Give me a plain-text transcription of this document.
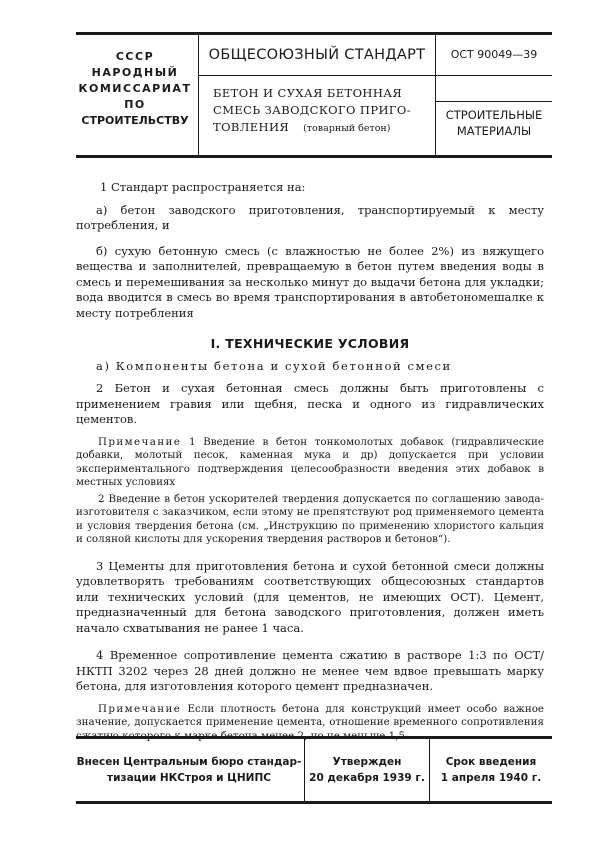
СССР
НАРОДНЫЙ
КОМИССАРИАТ
ПО
СТРОИТЕЛЬСТВУ
ОБЩЕСОЮЗНЫЙ СТАНДАРТ
БЕТОН И СУХАЯ БЕТОННАЯ
СМЕСЬ ЗАВОДСКОГО ПРИГО-
ТОВЛЕНИЯ (товарный бетон)
ОСТ 90049—39
СТРОИТЕЛЬНЫЕ
МАТЕРИАЛЫ

1 Стандарт распространяется на:

а) бетон заводского приготовления, транспортируемый к месту потребления, и

б) сухую бетонную смесь (с влажностью не более 2%) из вяжущего вещества и заполнителей, превращаемую в бетон путем введения воды в смесь и перемешивания за несколько минут до выдачи бетона для укладки; вода вводится в смесь во время транспортирования в автобетономешалке к месту потребления

I. ТЕХНИЧЕСКИЕ УСЛОВИЯ
а) Компоненты бетона и сухой бетонной смеси

2 Бетон и сухая бетонная смесь должны быть приготовлены с применением гравия или щебня, песка и одного из гидравлических цементов.

Примечание 1 Введение в бетон тонкомолотых добавок (гидравлические добавки, молотый песок, каменная мука и др) допускается при условии экспериментального подтверждения целесообразности введения этих добавок в местных условиях

2 Введение в бетон ускорителей твердения допускается по соглашению завода-изготовителя с заказчиком, если этому не препятствуют род применяемого цемента и условия твердения бетона (см. „Инструкцию по применению хлористого кальция и соляной кислоты для ускорения твердения растворов и бетонов“).

3 Цементы для приготовления бетона и сухой бетонной смеси должны удовлетворять требованиям соответствующих общесоюзных стандартов или технических условий (для цементов, не имеющих ОСТ). Цемент, предназначенный для бетона заводского приготовления, должен иметь начало схватывания не ранее 1 часа.

4 Временное сопротивление цемента сжатию в растворе 1:3 по ОСТ/НКТП 3202 через 28 дней должно не менее чем вдвое превышать марку бетона, для изготовления которого цемент предназначен.

Примечание Если плотность бетона для конструкций имеет особо важное значение, допускается применение цемента, отношение временного сопротивления сжатию которого к марке бетона менее 2, но не меньше 1,5.

Внесен Центральным бюро стандар-
тизации НКСтроя и ЦНИПС
Утвержден
20 декабря 1939 г.
Срок введения
1 апреля 1940 г.
